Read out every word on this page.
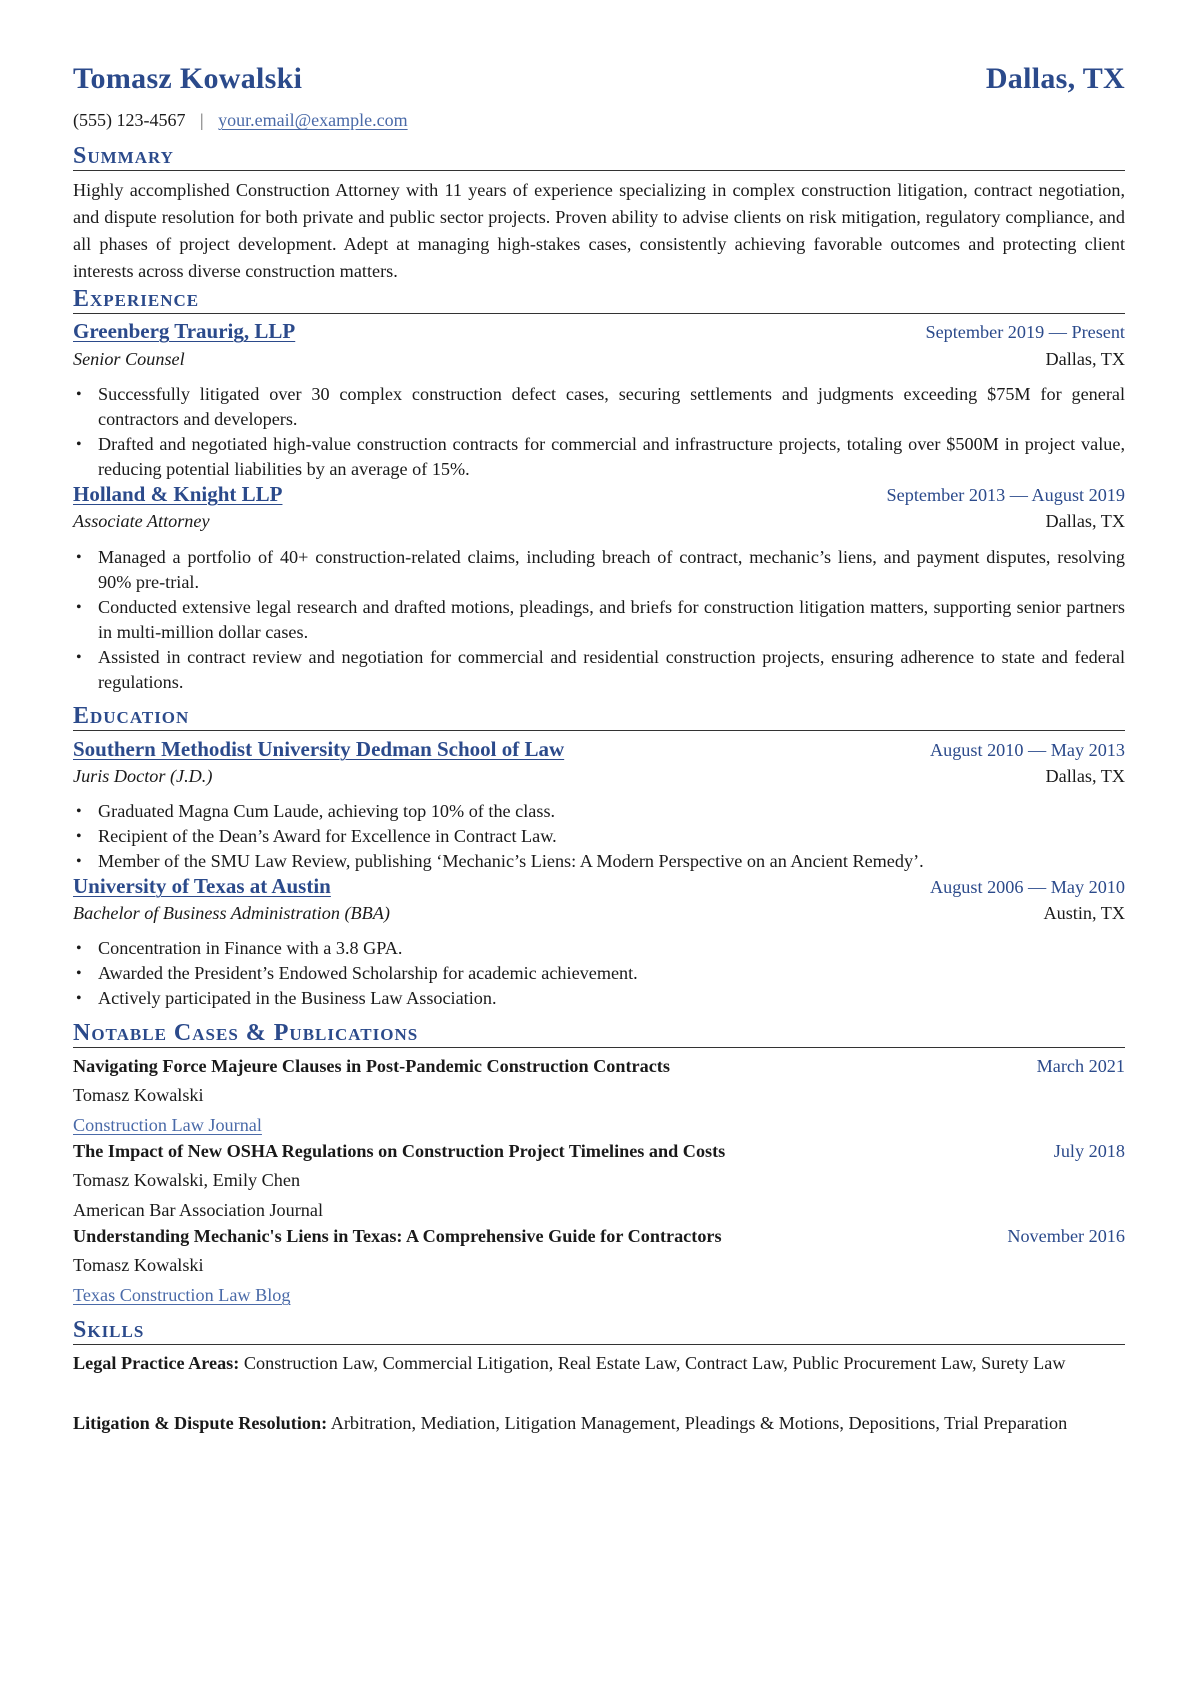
Tomasz Kowalski	Dallas, TX
(555) 123-4567 | your.email@example.com
Summary
Highly accomplished Construction Attorney with 11 years of experience specializing in complex construction litigation, contract negotiation, and dispute resolution for both private and public sector projects. Proven ability to advise clients on risk mitigation, regulatory compliance, and all phases of project development. Adept at managing high-stakes cases, consistently achieving favorable outcomes and protecting client interests across diverse construction matters.
Experience
Greenberg Traurig, LLP	September 2019 — Present
Senior Counsel	Dallas, TX
• Successfully litigated over 30 complex construction defect cases, securing settlements and judgments exceeding $75M for general contractors and developers.
• Drafted and negotiated high-value construction contracts for commercial and infrastructure projects, totaling over $500M in project value, reducing potential liabilities by an average of 15%.
Holland & Knight LLP	September 2013 — August 2019
Associate Attorney	Dallas, TX
• Managed a portfolio of 40+ construction-related claims, including breach of contract, mechanic’s liens, and payment disputes, resolving 90% pre-trial.
• Conducted extensive legal research and drafted motions, pleadings, and briefs for construction litigation matters, supporting senior partners in multi-million dollar cases.
• Assisted in contract review and negotiation for commercial and residential construction projects, ensuring adherence to state and federal regulations.
Education
Southern Methodist University Dedman School of Law	August 2010 — May 2013
Juris Doctor (J.D.)	Dallas, TX
• Graduated Magna Cum Laude, achieving top 10% of the class.
• Recipient of the Dean’s Award for Excellence in Contract Law.
• Member of the SMU Law Review, publishing ‘Mechanic’s Liens: A Modern Perspective on an Ancient Remedy’.
University of Texas at Austin	August 2006 — May 2010
Bachelor of Business Administration (BBA)	Austin, TX
• Concentration in Finance with a 3.8 GPA.
• Awarded the President’s Endowed Scholarship for academic achievement.
• Actively participated in the Business Law Association.
Notable Cases & Publications
Navigating Force Majeure Clauses in Post-Pandemic Construction Contracts	March 2021
Tomasz Kowalski
Construction Law Journal
The Impact of New OSHA Regulations on Construction Project Timelines and Costs	July 2018
Tomasz Kowalski, Emily Chen
American Bar Association Journal
Understanding Mechanic's Liens in Texas: A Comprehensive Guide for Contractors	November 2016
Tomasz Kowalski
Texas Construction Law Blog
Skills
Legal Practice Areas: Construction Law, Commercial Litigation, Real Estate Law, Contract Law, Public Procurement Law, Surety Law
Litigation & Dispute Resolution: Arbitration, Mediation, Litigation Management, Pleadings & Motions, Depositions, Trial Preparation
